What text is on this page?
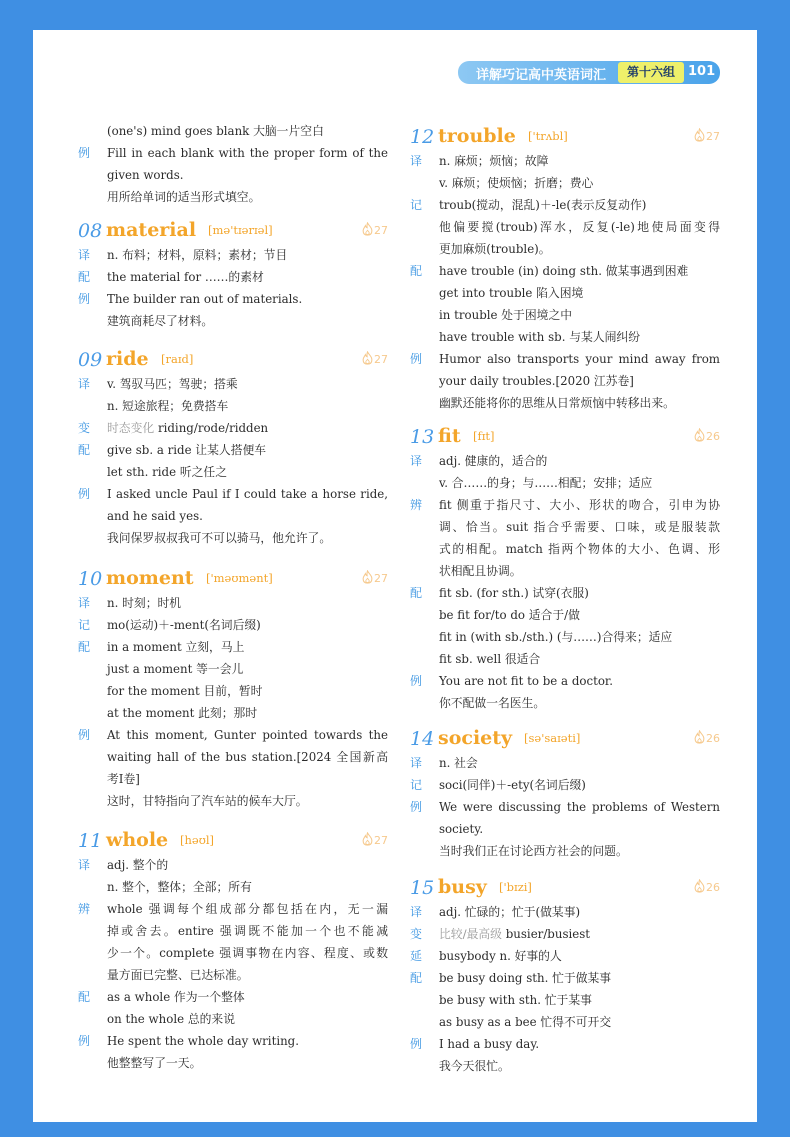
详解巧记高中英语词汇	第十六组	101
(one's) mind goes blank 大脑一片空白
例	Fill in each blank with the proper form of the
given words.
用所给单词的适当形式填空。
08 material [mə'tɪərɪəl]	27
译	n. 布料；材料，原料；素材；节目
配	the material for ……的素材
例	The builder ran out of materials.
建筑商耗尽了材料。
09 ride [raɪd]	27
译	v. 驾驭马匹；驾驶；搭乘
n. 短途旅程；免费搭车
变	时态变化 riding/rode/ridden
配	give sb. a ride 让某人搭便车
let sth. ride 听之任之
例	I asked uncle Paul if I could take a horse ride,
and he said yes.
我问保罗叔叔我可不可以骑马，他允许了。
10 moment ['məʊmənt]	27
译	n. 时刻；时机
记	mo(运动)＋-ment(名词后缀)
配	in a moment 立刻，马上
just a moment 等一会儿
for the moment 目前，暂时
at the moment 此刻；那时
例	At this moment, Gunter pointed towards the
waiting hall of the bus station.[2024 全国新高
考Ⅰ卷]
这时，甘特指向了汽车站的候车大厅。
11 whole [həʊl]	27
译	adj. 整个的
n. 整个，整体；全部；所有
辨	whole 强调每个组成部分都包括在内，无一漏
掉或舍去。entire 强调既不能加一个也不能减
少一个。complete 强调事物在内容、程度、或数
量方面已完整、已达标准。
配	as a whole 作为一个整体
on the whole 总的来说
例	He spent the whole day writing.
他整整写了一天。
12 trouble ['trʌbl]	27
译	n. 麻烦；烦恼；故障
v. 麻烦；使烦恼；折磨；费心
记	troub(搅动，混乱)＋-le(表示反复动作)
他偏要搅(troub)浑水，反复(-le)地使局面变得
更加麻烦(trouble)。
配	have trouble (in) doing sth. 做某事遇到困难
get into trouble 陷入困境
in trouble 处于困境之中
have trouble with sb. 与某人闹纠纷
例	Humor also transports your mind away from
your daily troubles.[2020 江苏卷]
幽默还能将你的思维从日常烦恼中转移出来。
13 fit [fɪt]	26
译	adj. 健康的，适合的
v. 合……的身；与……相配；安排；适应
辨	fit 侧重于指尺寸、大小、形状的吻合，引申为协
调、恰当。suit 指合乎需要、口味，或是服装款
式的相配。match 指两个物体的大小、色调、形
状相配且协调。
配	fit sb. (for sth.) 试穿(衣服)
be fit for/to do 适合于/做
fit in (with sb./sth.) (与……)合得来；适应
fit sb. well 很适合
例	You are not fit to be a doctor.
你不配做一名医生。
14 society [sə'saɪəti]	26
译	n. 社会
记	soci(同伴)＋-ety(名词后缀)
例	We were discussing the problems of Western
society.
当时我们正在讨论西方社会的问题。
15 busy ['bɪzi]	26
译	adj. 忙碌的；忙于(做某事)
变	比较/最高级 busier/busiest
延	busybody n. 好事的人
配	be busy doing sth. 忙于做某事
be busy with sth. 忙于某事
as busy as a bee 忙得不可开交
例	I had a busy day.
我今天很忙。
